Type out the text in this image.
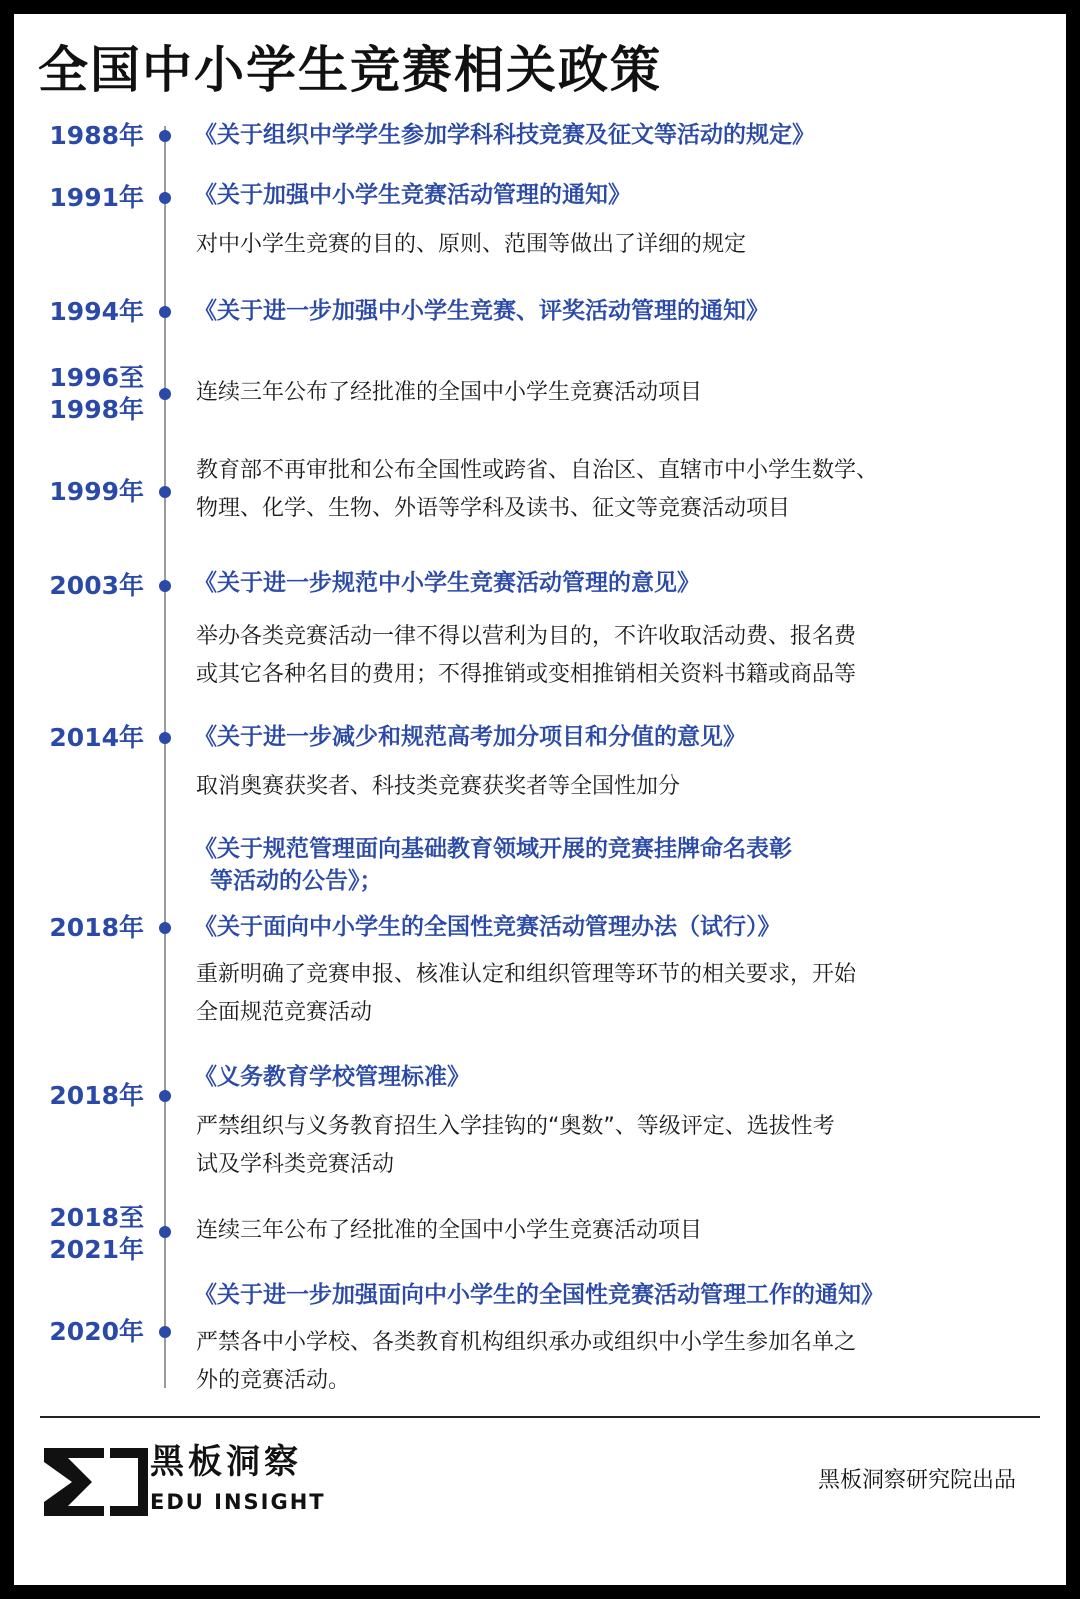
全国中小学生竞赛相关政策
1988年 《关于组织中学学生参加学科科技竞赛及征文等活动的规定》
1991年 《关于加强中小学生竞赛活动管理的通知》
对中小学生竞赛的目的、原则、范围等做出了详细的规定
1994年 《关于进一步加强中小学生竞赛、评奖活动管理的通知》
1996至
1998年
连续三年公布了经批准的全国中小学生竞赛活动项目
1999年
教育部不再审批和公布全国性或跨省、自治区、直辖市中小学生数学、
物理、化学、生物、外语等学科及读书、征文等竞赛活动项目
2003年 《关于进一步规范中小学生竞赛活动管理的意见》
举办各类竞赛活动一律不得以营利为目的，不许收取活动费、报名费
或其它各种名目的费用；不得推销或变相推销相关资料书籍或商品等
2014年 《关于进一步减少和规范高考加分项目和分值的意见》
取消奥赛获奖者、科技类竞赛获奖者等全国性加分
《关于规范管理面向基础教育领域开展的竞赛挂牌命名表彰
等活动的公告》；
2018年 《关于面向中小学生的全国性竞赛活动管理办法（试行）》
重新明确了竞赛申报、核准认定和组织管理等环节的相关要求，开始
全面规范竞赛活动
《义务教育学校管理标准》
2018年
严禁组织与义务教育招生入学挂钩的“奥数”、等级评定、选拔性考
试及学科类竞赛活动
2018至
2021年
连续三年公布了经批准的全国中小学生竞赛活动项目
《关于进一步加强面向中小学生的全国性竞赛活动管理工作的通知》
2020年 严禁各中小学校、各类教育机构组织承办或组织中小学生参加名单之
外的竞赛活动。
黑板洞察
EDU INSIGHT
黑板洞察研究院出品
